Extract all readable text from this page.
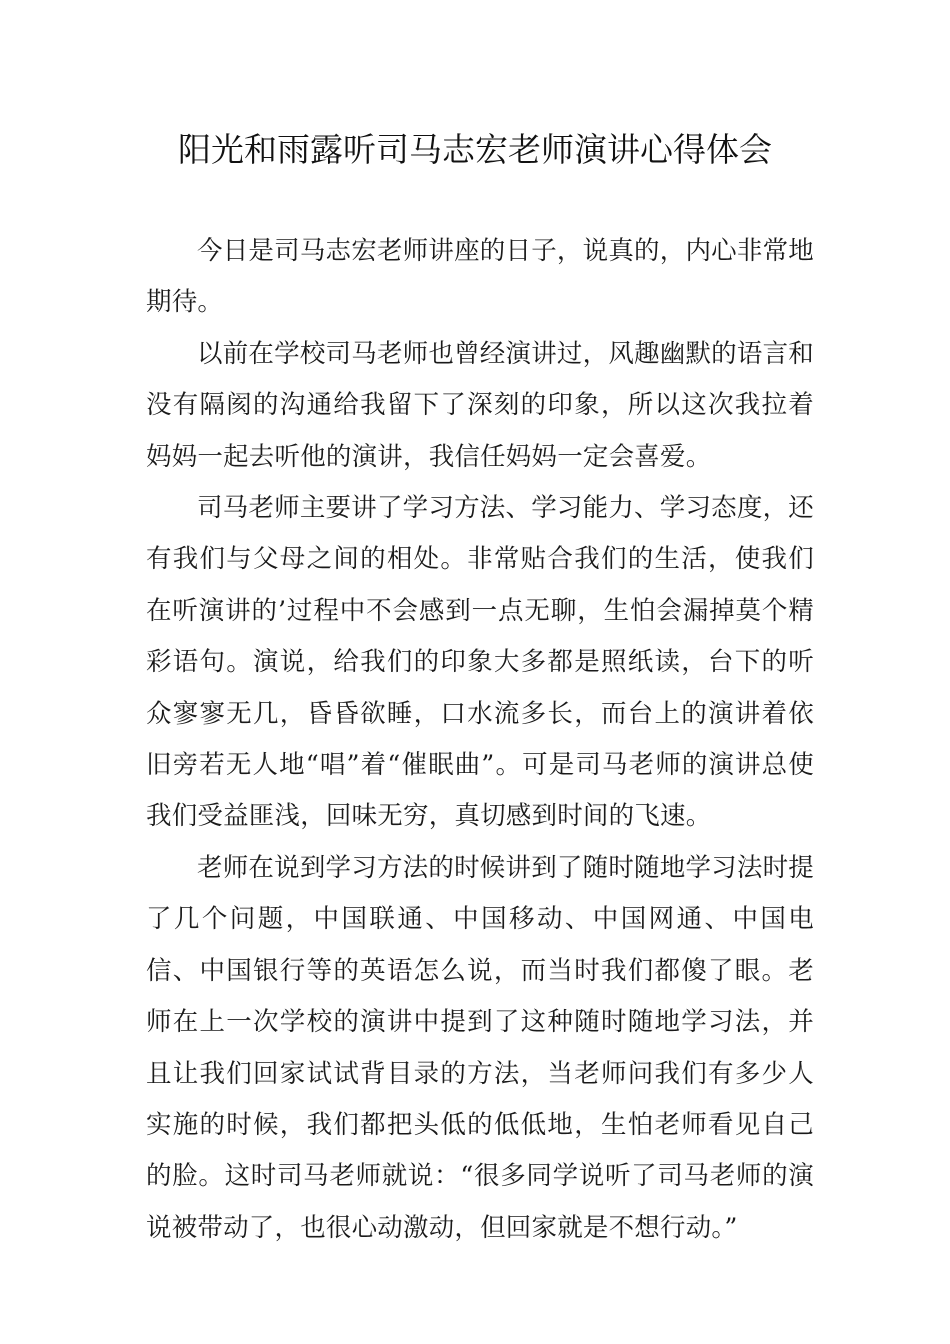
阳光和雨露听司马志宏老师演讲心得体会

今日是司马志宏老师讲座的日子，说真的，内心非常地期待。

以前在学校司马老师也曾经演讲过，风趣幽默的语言和没有隔阂的沟通给我留下了深刻的印象，所以这次我拉着妈妈一起去听他的演讲，我信任妈妈一定会喜爱。

司马老师主要讲了学习方法、学习能力、学习态度，还有我们与父母之间的相处。非常贴合我们的生活，使我们在听演讲的’过程中不会感到一点无聊，生怕会漏掉莫个精彩语句。演说，给我们的印象大多都是照纸读，台下的听众寥寥无几，昏昏欲睡，口水流多长，而台上的演讲着依旧旁若无人地“唱”着“催眠曲”。可是司马老师的演讲总使我们受益匪浅，回味无穷，真切感到时间的飞速。

老师在说到学习方法的时候讲到了随时随地学习法时提了几个问题，中国联通、中国移动、中国网通、中国电信、中国银行等的英语怎么说，而当时我们都傻了眼。老师在上一次学校的演讲中提到了这种随时随地学习法，并且让我们回家试试背目录的方法，当老师问我们有多少人实施的时候，我们都把头低的低低地，生怕老师看见自己的脸。这时司马老师就说：“很多同学说听了司马老师的演说被带动了，也很心动激动，但回家就是不想行动。”
